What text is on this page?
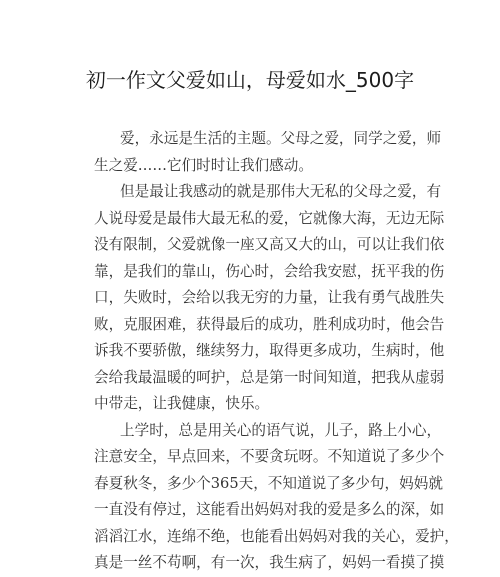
初一作文父爱如山，母爱如水_500字
爱，永远是生活的主题。父母之爱，同学之爱，师
生之爱……它们时时让我们感动。
但是最让我感动的就是那伟大无私的父母之爱，有
人说母爱是最伟大最无私的爱，它就像大海，无边无际
没有限制，父爱就像一座又高又大的山，可以让我们依
靠，是我们的靠山，伤心时，会给我安慰，抚平我的伤
口，失败时，会给以我无穷的力量，让我有勇气战胜失
败，克服困难，获得最后的成功，胜利成功时，他会告
诉我不要骄傲，继续努力，取得更多成功，生病时，他
会给我最温暖的呵护，总是第一时间知道，把我从虚弱
中带走，让我健康，快乐。
上学时，总是用关心的语气说，儿子，路上小心，
注意安全，早点回来，不要贪玩呀。不知道说了多少个
春夏秋冬，多少个365天，不知道说了多少句，妈妈就
一直没有停过，这能看出妈妈对我的爱是多么的深，如
滔滔江水，连绵不绝，也能看出妈妈对我的关心，爱护，
真是一丝不苟啊，有一次，我生病了，妈妈一看摸了摸
